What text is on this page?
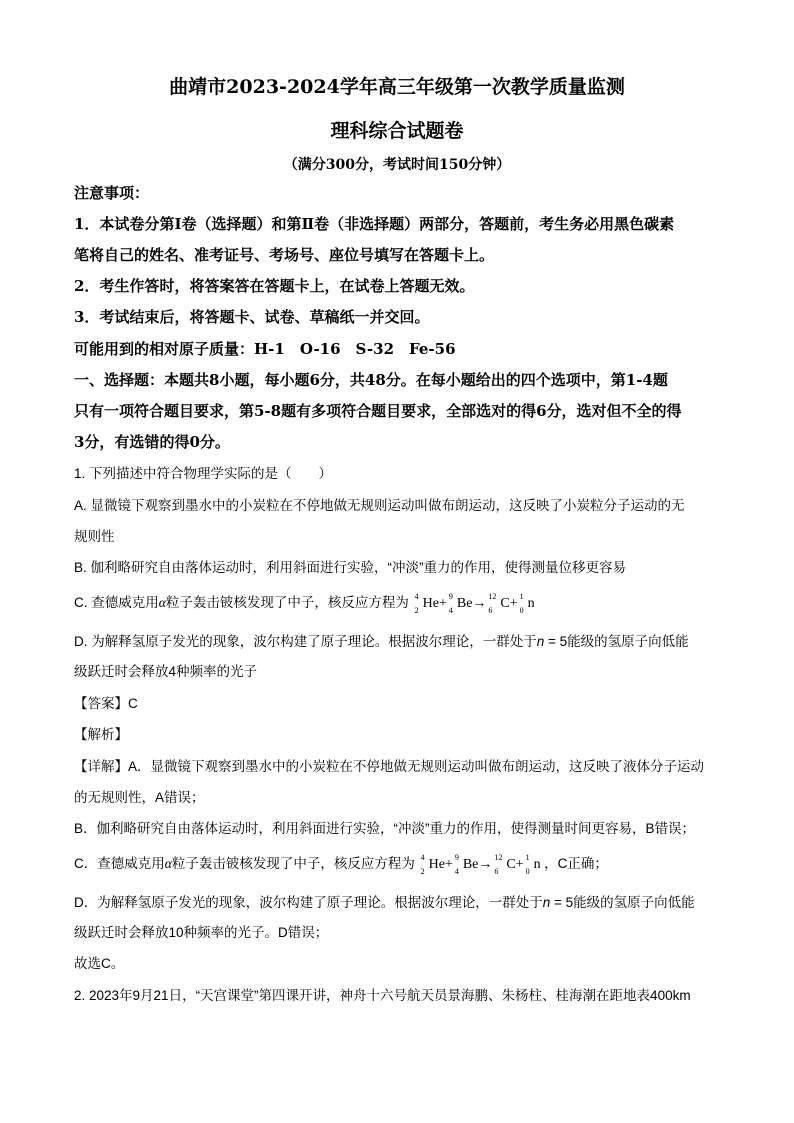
曲靖市2023-2024学年高三年级第一次教学质量监测
理科综合试题卷
（满分300分，考试时间150分钟）
注意事项：
1．本试卷分第Ⅰ卷（选择题）和第Ⅱ卷（非选择题）两部分，答题前，考生务必用黑色碳素
笔将自己的姓名、准考证号、考场号、座位号填写在答题卡上。
2．考生作答时，将答案答在答题卡上，在试卷上答题无效。
3．考试结束后，将答题卡、试卷、草稿纸一并交回。
可能用到的相对原子质量：H-1　O-16　S-32　Fe-56
一、选择题：本题共8小题，每小题6分，共48分。在每小题给出的四个选项中，第1-4题
只有一项符合题目要求，第5-8题有多项符合题目要求，全部选对的得6分，选对但不全的得
3分，有选错的得0分。
1. 下列描述中符合物理学实际的是（　　）
A. 显微镜下观察到墨水中的小炭粒在不停地做无规则运动叫做布朗运动，这反映了小炭粒分子运动的无
规则性
B. 伽利略研究自由落体运动时，利用斜面进行实验，“冲淡”重力的作用，使得测量位移更容易
C. 查德威克用α粒子轰击铍核发现了中子，核反应方程为 4
2 He+ 9
4 Be→ 12
6 C+ 1
0 n
D. 为解释氢原子发光的现象，波尔构建了原子理论。根据波尔理论，一群处于n = 5能级的氢原子向低能
级跃迁时会释放4种频率的光子
【答案】C
【解析】
【详解】A．显微镜下观察到墨水中的小炭粒在不停地做无规则运动叫做布朗运动，这反映了液体分子运动
的无规则性，A错误；
B．伽利略研究自由落体运动时，利用斜面进行实验，“冲淡”重力的作用，使得测量时间更容易，B错误；
C．查德威克用α粒子轰击铍核发现了中子，核反应方程为 4
2 He+ 9
4 Be→ 12
6 C+ 1
0 n ，C正确；
D．为解释氢原子发光的现象，波尔构建了原子理论。根据波尔理论，一群处于n = 5能级的氢原子向低能
级跃迁时会释放10种频率的光子。D错误；
故选C。
2. 2023年9月21日，“天宫课堂”第四课开讲，神舟十六号航天员景海鹏、朱杨柱、桂海潮在距地表400km
